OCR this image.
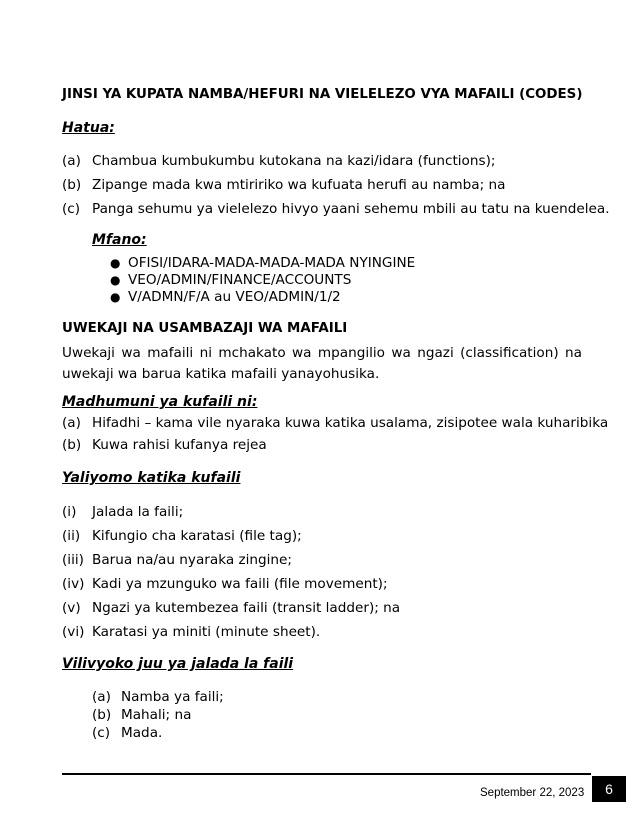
JINSI YA KUPATA NAMBA/HEFURI NA VIELELEZO VYA MAFAILI (CODES)
Hatua:
(a) Chambua kumbukumbu kutokana na kazi/idara (functions);
(b) Zipange mada kwa mtiririko wa kufuata herufi au namba; na
(c) Panga sehumu ya vielelezo hivyo yaani sehemu mbili au tatu na kuendelea.
Mfano:
● OFISI/IDARA-MADA-MADA-MADA NYINGINE
● VEO/ADMIN/FINANCE/ACCOUNTS
● V/ADMN/F/A au VEO/ADMIN/1/2
UWEKAJI NA USAMBAZAJI WA MAFAILI
Uwekaji wa mafaili ni mchakato wa mpangilio wa ngazi (classification) na uwekaji wa barua katika mafaili yanayohusika.
Madhumuni ya kufaili ni:
(a) Hifadhi – kama vile nyaraka kuwa katika usalama, zisipotee wala kuharibika
(b) Kuwa rahisi kufanya rejea
Yaliyomo katika kufaili
(i) Jalada la faili;
(ii) Kifungio cha karatasi (file tag);
(iii) Barua na/au nyaraka zingine;
(iv) Kadi ya mzunguko wa faili (file movement);
(v) Ngazi ya kutembezea faili (transit ladder); na
(vi) Karatasi ya miniti (minute sheet).
Vilivyoko juu ya jalada la faili
(a) Namba ya faili;
(b) Mahali; na
(c) Mada.
September 22, 2023	6
